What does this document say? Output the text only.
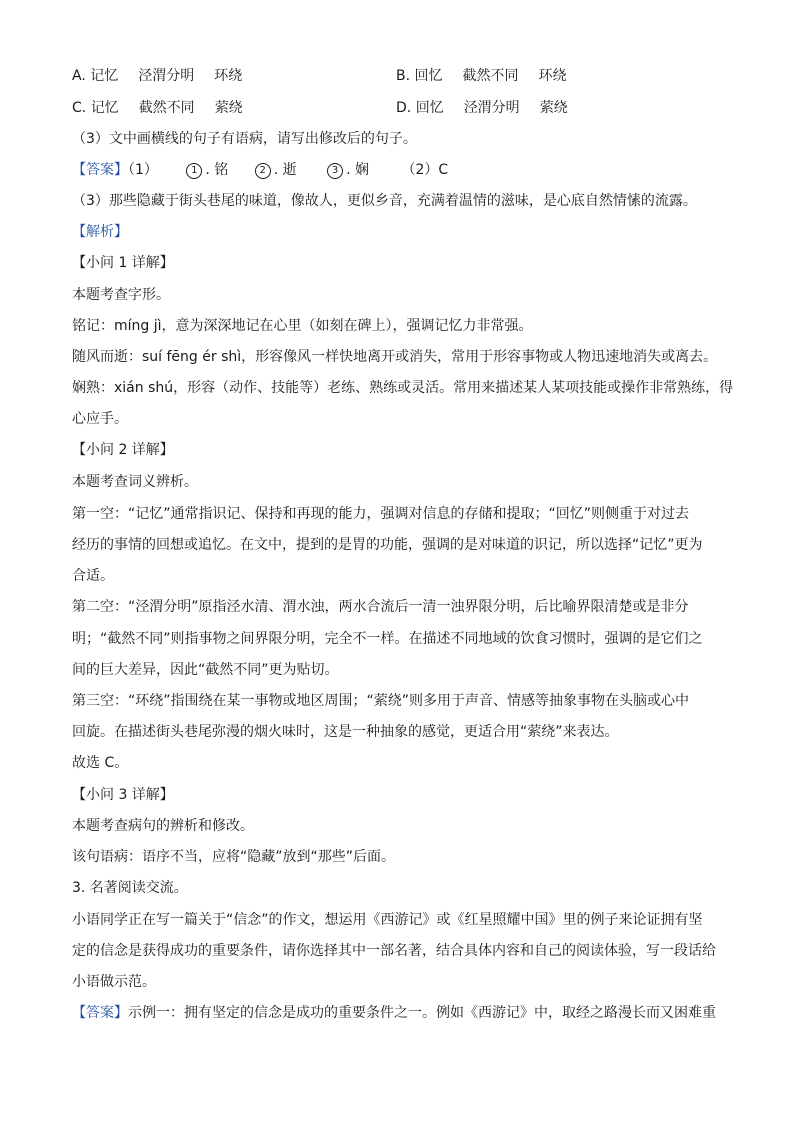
A. 记忆 泾渭分明 环绕	B. 回忆 截然不同 环绕
C. 记忆 截然不同 萦绕	D. 回忆 泾渭分明 萦绕
（3）文中画横线的句子有语病，请写出修改后的句子。
【答案】（1）	1 . 铭	2 . 逝	3 . 娴 （2）C
（3）那些隐藏于街头巷尾的味道，像故人，更似乡音，充满着温情的滋味，是心底自然情愫的流露。
【解析】
【小问 1 详解】
本题考查字形。
铭记：míng jì，意为深深地记在心里（如刻在碑上），强调记忆力非常强。
随风而逝：suí fēng ér shì，形容像风一样快地离开或消失，常用于形容事物或人物迅速地消失或离去。
娴熟：xián shú，形容（动作、技能等）老练、熟练或灵活。常用来描述某人某项技能或操作非常熟练，得
心应手。
【小问 2 详解】
本题考查词义辨析。
第一空：“记忆”通常指识记、保持和再现的能力，强调对信息的存储和提取；“回忆”则侧重于对过去
经历的事情的回想或追忆。在文中，提到的是胃的功能，强调的是对味道的识记，所以选择“记忆”更为
合适。
第二空：“泾渭分明”原指泾水清、渭水浊，两水合流后一清一浊界限分明，后比喻界限清楚或是非分
明；“截然不同”则指事物之间界限分明，完全不一样。在描述不同地域的饮食习惯时，强调的是它们之
间的巨大差异，因此“截然不同”更为贴切。
第三空：“环绕”指围绕在某一事物或地区周围；“萦绕”则多用于声音、情感等抽象事物在头脑或心中
回旋。在描述街头巷尾弥漫的烟火味时，这是一种抽象的感觉，更适合用“萦绕”来表达。
故选 C。
【小问 3 详解】
本题考查病句的辨析和修改。
该句语病：语序不当，应将“隐藏”放到“那些”后面。
3. 名著阅读交流。
小语同学正在写一篇关于“信念”的作文，想运用《西游记》或《红星照耀中国》里的例子来论证拥有坚
定的信念是获得成功的重要条件，请你选择其中一部名著，结合具体内容和自己的阅读体验，写一段话给
小语做示范。
【答案】示例一：拥有坚定的信念是成功的重要条件之一。例如《西游记》中，取经之路漫长而又困难重
